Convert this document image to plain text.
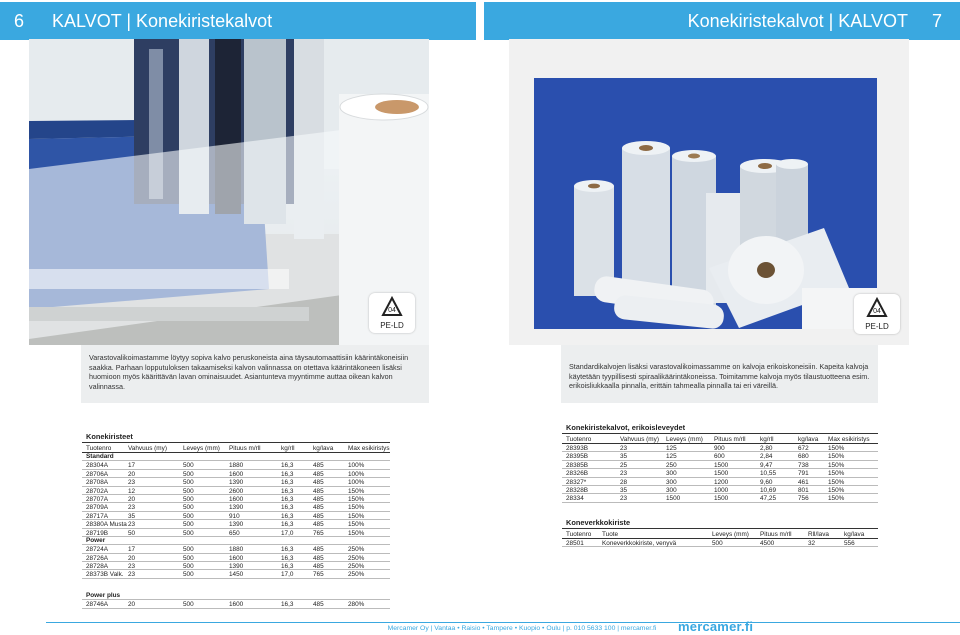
6 KALVOT | Konekiristekalvot	Konekiristekalvot | KALVOT 7
04
PE-LD
04
PE-LD
Varastovalikoimastamme löytyy sopiva kalvo peruskoneista aina täysautomaattisiin käärintäkoneisiin saakka. Parhaan lopputuloksen takaamiseksi kalvon valinnassa on otettava käärintäkoneen lisäksi huomioon myös käärittävän lavan ominaisuudet. Asiantunteva myyntimme auttaa oikean kalvon valinnassa.
Standardikalvojen lisäksi varastovalikoimassamme on kalvoja erikoiskoneisiin. Kapeita kalvoja käytetään tyypillisesti spiraalikäärintäkoneissa. Toimitamme kalvoja myös tilaustuotteena esim. erikoisliukkaalla pinnalla, erittäin tahmealla pinnalla tai eri väreillä.
Konekiristeet
Tuotenro	Vahvuus (my)	Leveys (mm) Pituus m/rll	kg/rll	kg/lava Max esikiristys
Standard
28304A	17	500	1880	16,3	485	100%
28706A	20	500	1600	16,3	485	100%
28708A	23	500	1390	16,3	485	100%
28702A	12	500	2600	16,3	485	150%
28707A	20	500	1600	16,3	485	150%
28709A	23	500	1390	16,3	485	150%
28717A	35	500	910	16,3	485	150%
28380A Musta 23	500	1390	16,3	485	150%
28719B	50	500	650	17,0	765	150%
Power
28724A	17	500	1880	16,3	485	250%
28726A	20	500	1600	16,3	485	250%
28728A	23	500	1390	16,3	485	250%
28373B Valk. 23	500	1450	17,0	765	250%
Power plus
28746A	20	500	1600	16,3	485	280%
Konekiristekalvot, erikoisleveydet
Tuotenro	Vahvuus (my) Leveys (mm) Pituus m/rll kg/rll	kg/lava Max esikiristys
28393B	23	125	900	2,80	672	150%
28395B	35	125	600	2,84	680	150%
28385B	25	250	1500	9,47	738	150%
28326B	23	300	1500	10,55	791	150%
28327*	28	300	1200	9,60	461	150%
28328B	35	300	1000	10,69	801	150%
28334	23	1500	1500	47,25	756	150%
Koneverkkokiriste
Tuotenro Tuote	Leveys (mm) Pituus m/rll	Rll/lava kg/lava
28501	Koneverkkokiriste, venyvä	500	4500	32	556
Mercamer Oy | Vantaa • Raisio • Tampere • Kuopio • Oulu | p. 010 5633 100 | mercamer.fi	mercamer.fi
